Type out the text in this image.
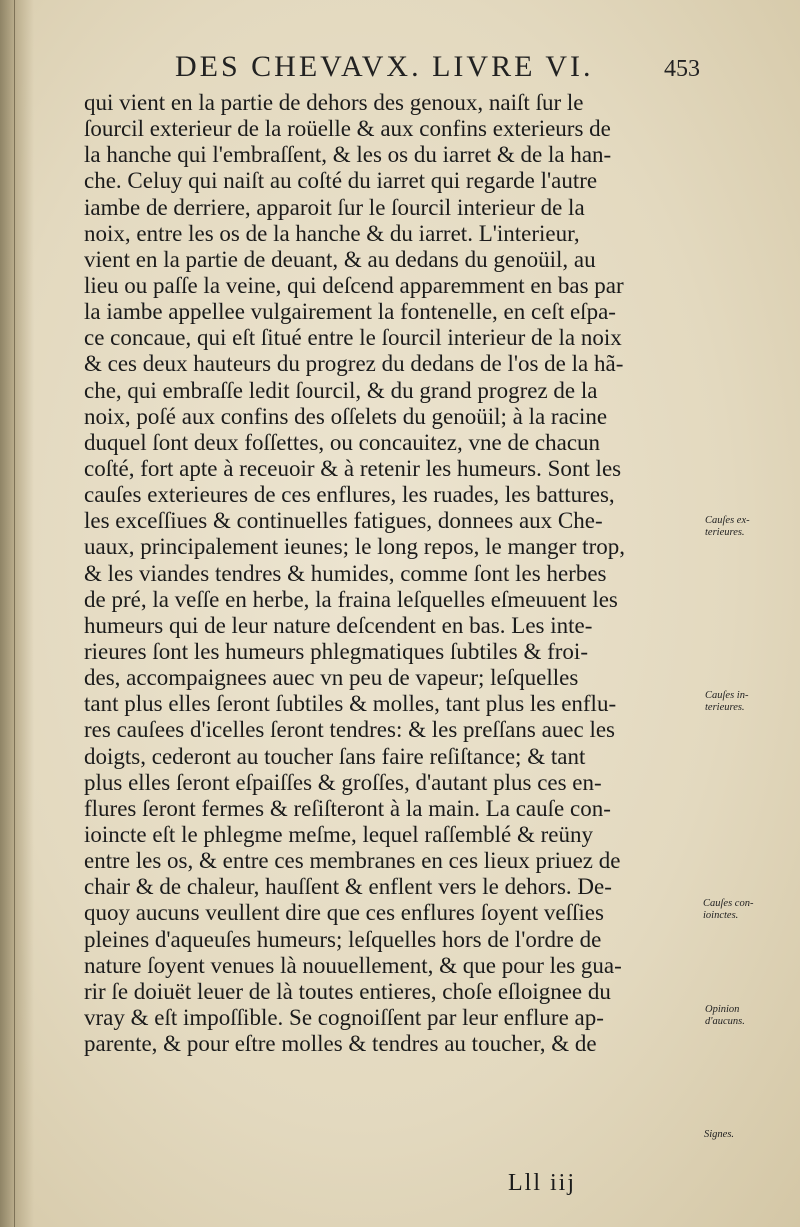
DES CHEVAVX. LIVRE VI.	453
qui vient en la partie de dehors des genoux, naiſt ſur le
ſourcil exterieur de la roüelle & aux confins exterieurs de
la hanche qui l'embraſſent, & les os du iarret & de la han-
che. Celuy qui naiſt au coſté du iarret qui regarde l'autre
iambe de derriere, apparoit ſur le ſourcil interieur de la
noix, entre les os de la hanche & du iarret. L'interieur,
vient en la partie de deuant, & au dedans du genoüil, au
lieu ou paſſe la veine, qui deſcend apparemment en bas par
la iambe appellee vulgairement la fontenelle, en ceſt eſpa-
ce concaue, qui eſt ſitué entre le ſourcil interieur de la noix
& ces deux hauteurs du progrez du dedans de l'os de la hã-
che, qui embraſſe ledit ſourcil, & du grand progrez de la
noix, poſé aux confins des oſſelets du genoüil; à la racine
duquel ſont deux foſſettes, ou concauitez, vne de chacun
coſté, fort apte à receuoir & à retenir les humeurs. Sont les
cauſes exterieures de ces enflures, les ruades, les battures,
les exceſſiues & continuelles fatigues, donnees aux Che-
uaux, principalement ieunes; le long repos, le manger trop,
& les viandes tendres & humides, comme ſont les herbes
de pré, la veſſe en herbe, la fraina leſquelles eſmeuuent les
humeurs qui de leur nature deſcendent en bas. Les inte-
rieures ſont les humeurs phlegmatiques ſubtiles & froi-
des, accompaignees auec vn peu de vapeur; leſquelles
tant plus elles ſeront ſubtiles & molles, tant plus les enflu-
res cauſees d'icelles ſeront tendres: & les preſſans auec les
doigts, cederont au toucher ſans faire reſiſtance; & tant
plus elles ſeront eſpaiſſes & groſſes, d'autant plus ces en-
flures ſeront fermes & reſiſteront à la main. La cauſe con-
ioincte eſt le phlegme meſme, lequel raſſemblé & reüny
entre les os, & entre ces membranes en ces lieux priuez de
chair & de chaleur, hauſſent & enflent vers le dehors. De-
quoy aucuns veullent dire que ces enflures ſoyent veſſies
pleines d'aqueuſes humeurs; leſquelles hors de l'ordre de
nature ſoyent venues là nouuellement, & que pour les gua-
rir ſe doiuët leuer de là toutes entieres, choſe eſloignee du
vray & eſt impoſſible. Se cognoiſſent par leur enflure ap-
parente, & pour eſtre molles & tendres au toucher, & de
Cauſes ex-
terieures.
Cauſes in-
terieures.
Cauſes con-
ioinctes.
Opinion
d'aucuns.
Signes.
Lll iij
